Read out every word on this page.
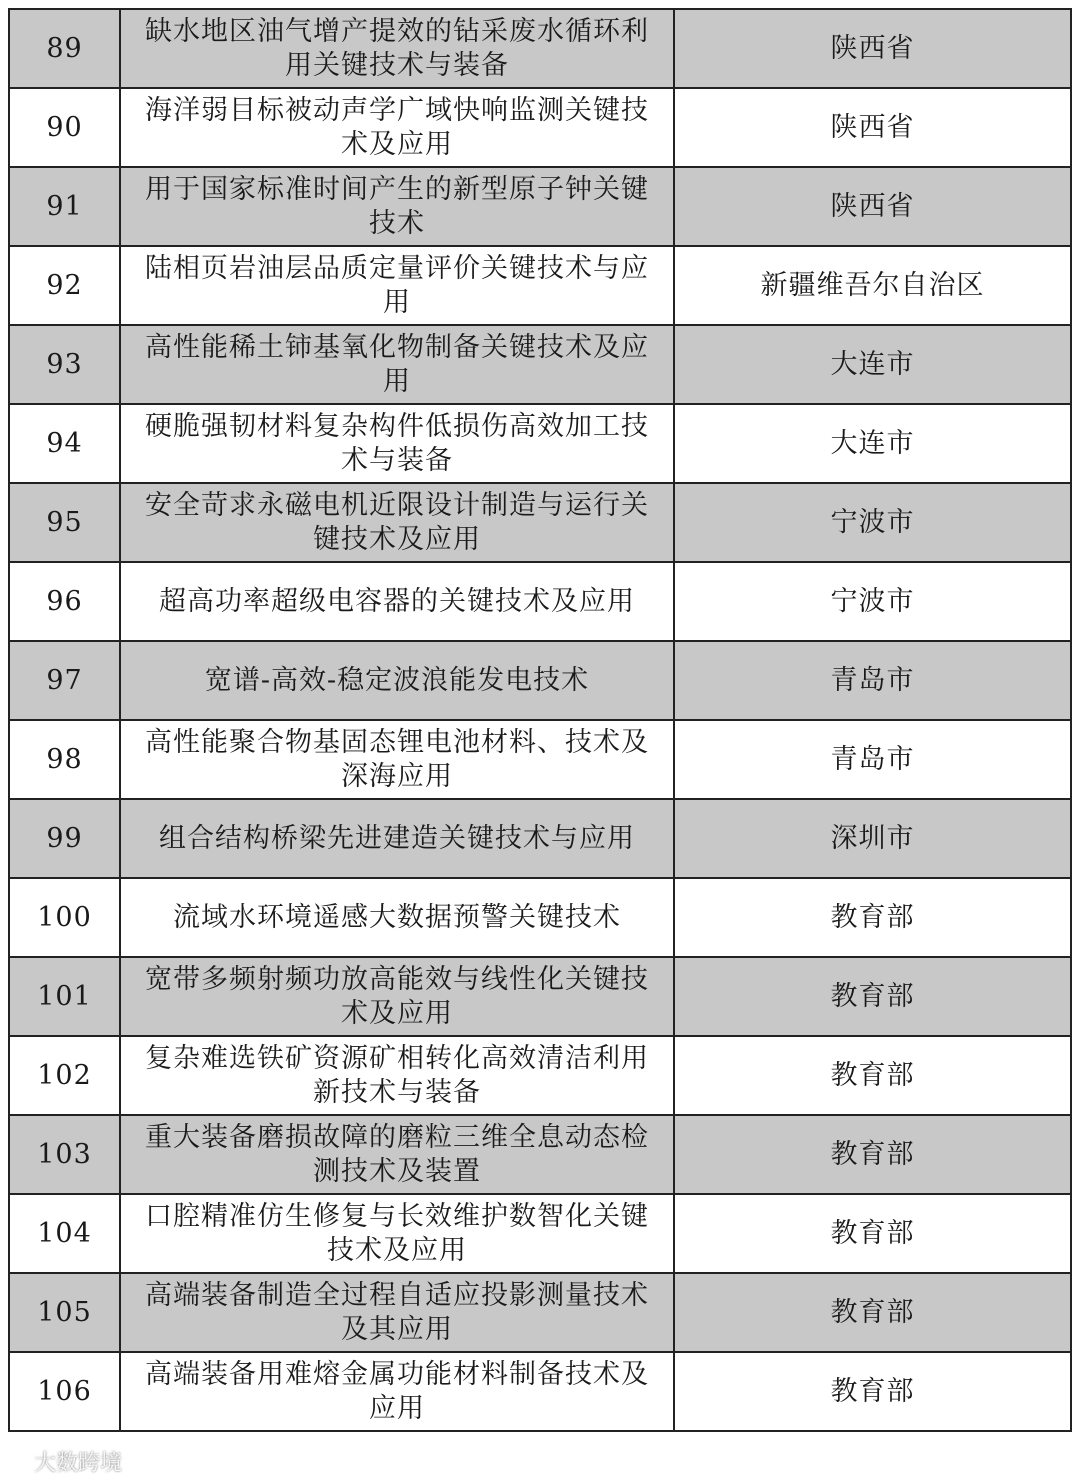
89	缺水地区油气增产提效的钻采废水循环利用关键技术与装备	陕西省
90	海洋弱目标被动声学广域快响监测关键技术及应用	陕西省
91	用于国家标准时间产生的新型原子钟关键技术	陕西省
92	陆相页岩油层品质定量评价关键技术与应用	新疆维吾尔自治区
93	高性能稀土铈基氧化物制备关键技术及应用	大连市
94	硬脆强韧材料复杂构件低损伤高效加工技术与装备	大连市
95	安全苛求永磁电机近限设计制造与运行关键技术及应用	宁波市
96	超高功率超级电容器的关键技术及应用	宁波市
97	宽谱-高效-稳定波浪能发电技术	青岛市
98	高性能聚合物基固态锂电池材料、技术及深海应用	青岛市
99	组合结构桥梁先进建造关键技术与应用	深圳市
100	流域水环境遥感大数据预警关键技术	教育部
101	宽带多频射频功放高能效与线性化关键技术及应用	教育部
102	复杂难选铁矿资源矿相转化高效清洁利用新技术与装备	教育部
103	重大装备磨损故障的磨粒三维全息动态检测技术及装置	教育部
104	口腔精准仿生修复与长效维护数智化关键技术及应用	教育部
105	高端装备制造全过程自适应投影测量技术及其应用	教育部
106	高端装备用难熔金属功能材料制备技术及应用	教育部
大数跨境
